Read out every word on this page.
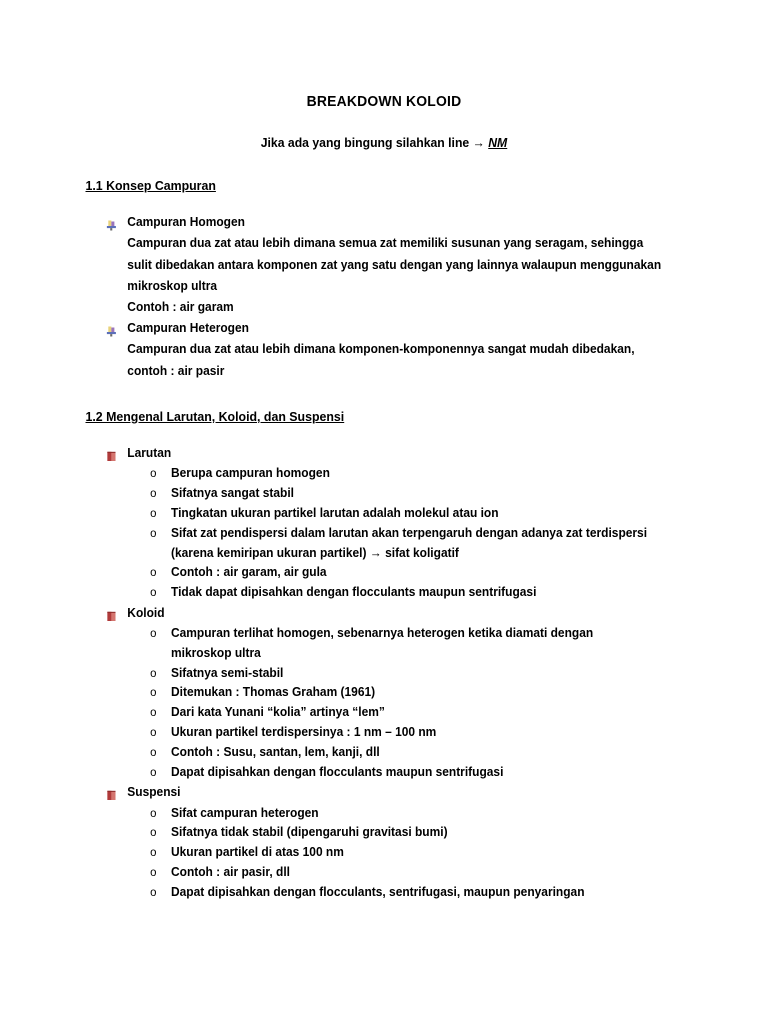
BREAKDOWN KOLOID

Jika ada yang bingung silahkan line → NM

1.1 Konsep Campuran
Campuran Homogen
Campuran dua zat atau lebih dimana semua zat memiliki susunan yang seragam, sehingga sulit dibedakan antara komponen zat yang satu dengan yang lainnya walaupun menggunakan mikroskop ultra
Contoh : air garam
Campuran Heterogen
Campuran dua zat atau lebih dimana komponen-komponennya sangat mudah dibedakan, contoh : air pasir
1.2 Mengenal Larutan, Koloid, dan Suspensi
Larutan
o Berupa campuran homogen
o Sifatnya sangat stabil
o Tingkatan ukuran partikel larutan adalah molekul atau ion
o Sifat zat pendispersi dalam larutan akan terpengaruh dengan adanya zat terdispersi (karena kemiripan ukuran partikel) → sifat koligatif
o Contoh : air garam, air gula
o Tidak dapat dipisahkan dengan flocculants maupun sentrifugasi
Koloid
o Campuran terlihat homogen, sebenarnya heterogen ketika diamati dengan mikroskop ultra
o Sifatnya semi-stabil
o Ditemukan : Thomas Graham (1961)
o Dari kata Yunani “kolia” artinya “lem”
o Ukuran partikel terdispersinya : 1 nm – 100 nm
o Contoh : Susu, santan, lem, kanji, dll
o Dapat dipisahkan dengan flocculants maupun sentrifugasi
Suspensi
o Sifat campuran heterogen
o Sifatnya tidak stabil (dipengaruhi gravitasi bumi)
o Ukuran partikel di atas 100 nm
o Contoh : air pasir, dll
o Dapat dipisahkan dengan flocculants, sentrifugasi, maupun penyaringan
